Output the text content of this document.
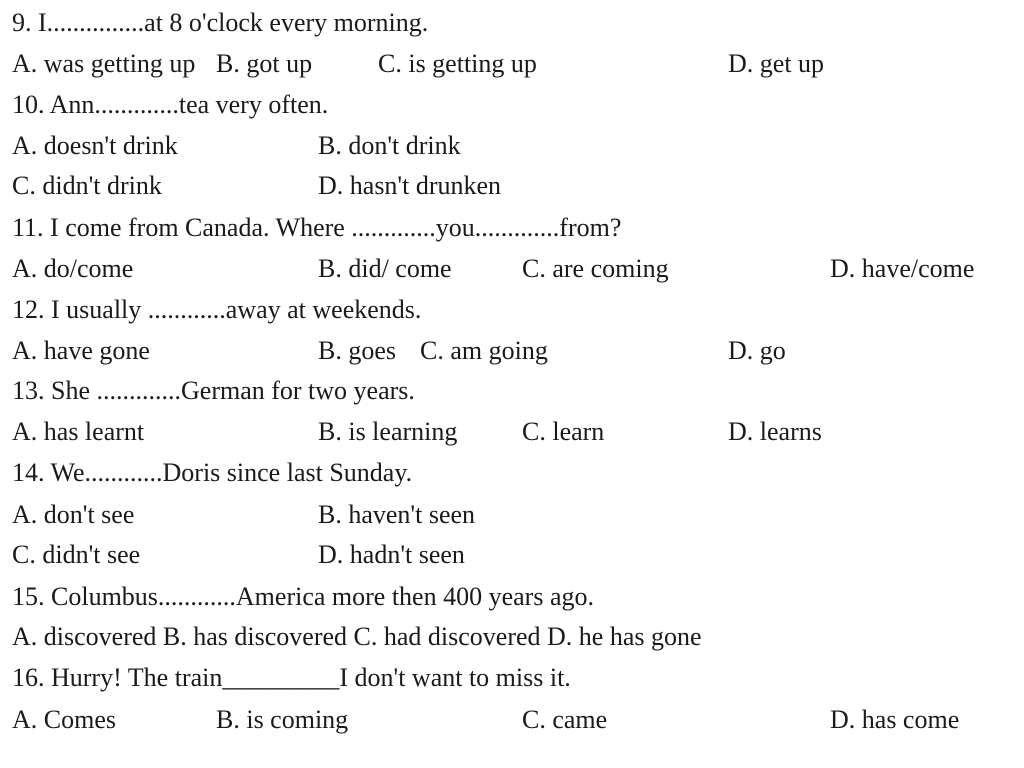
9. I...............at 8 o'clock every morning.
A. was getting up B. got up	C. is getting up	D. get up
10. Ann.............tea very often.
A. doesn't drink	B. don't drink
C. didn't drink	D. hasn't drunken
11. I come from Canada. Where .............you.............from?
A. do/come	B. did/ come	C. are coming	D. have/come
12. I usually ............away at weekends.
A. have gone	B. goes C. am going	D. go
13. She .............German for two years.
A. has learnt	B. is learning C. learn	D. learns
14. We............Doris since last Sunday.
A. don't see	B. haven't seen
C. didn't see	D. hadn't seen
15. Columbus............America more then 400 years ago.
A. discovered B. has discovered C. had discovered D. he has gone
16. Hurry! The train_________I don't want to miss it.
A. Comes	B. is coming	C. came	D. has come
